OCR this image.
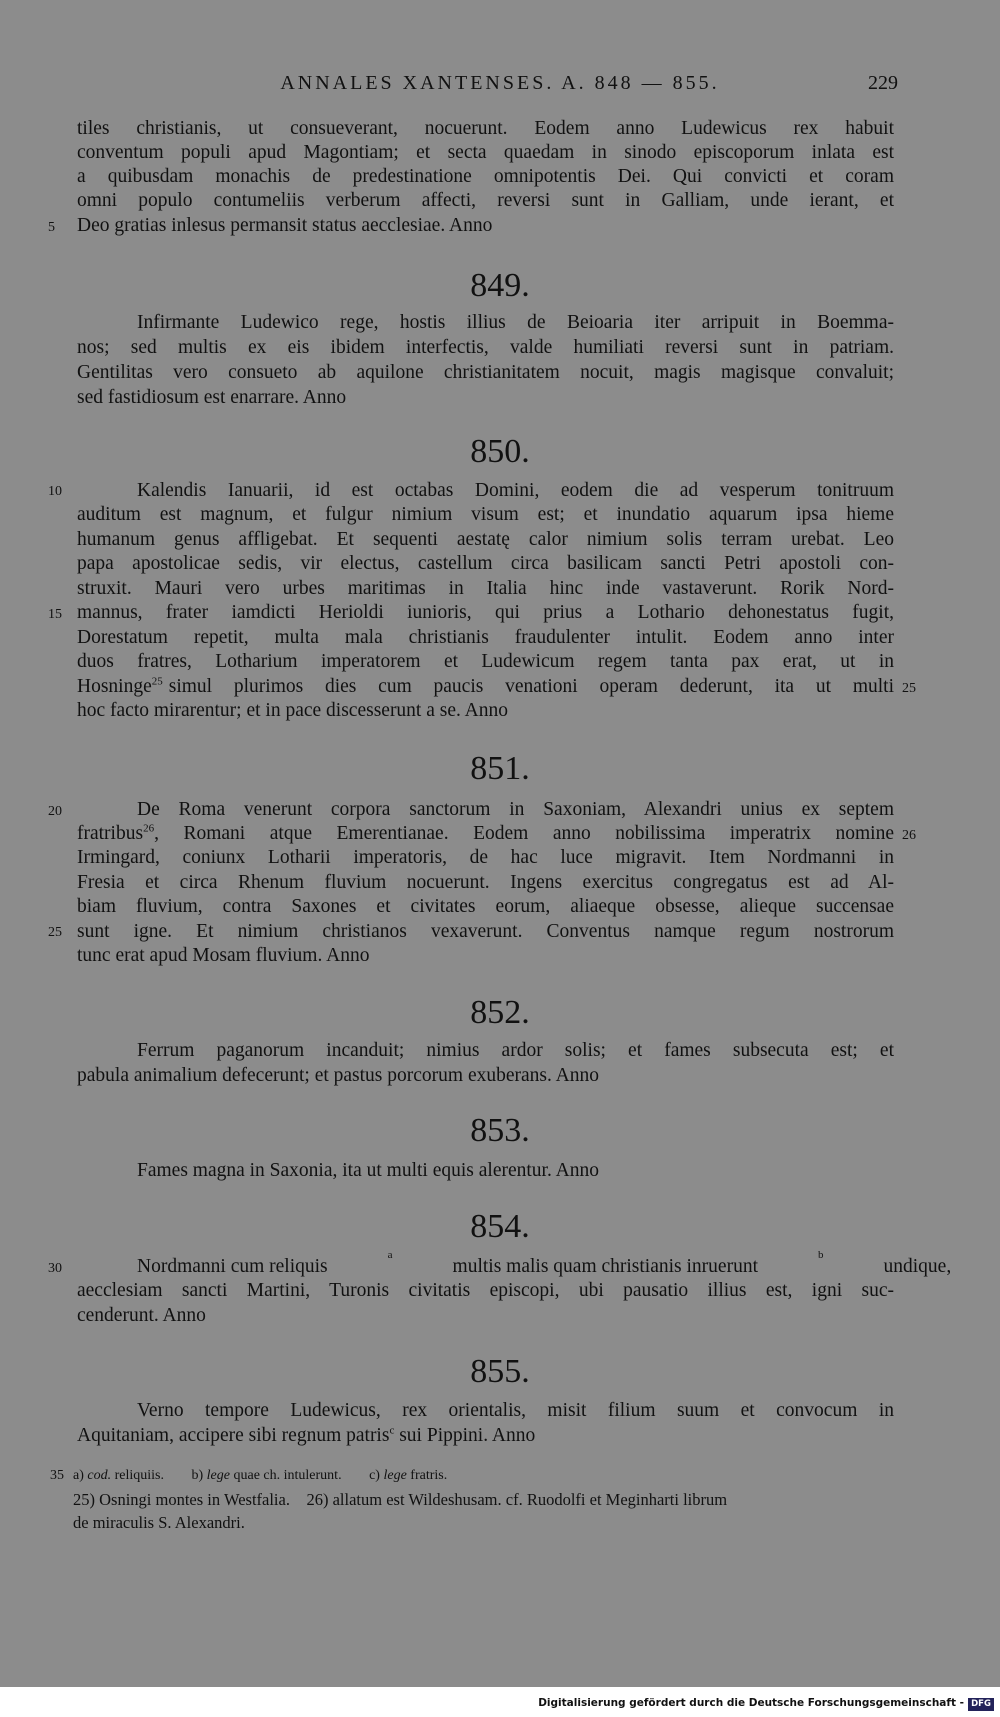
ANNALES XANTENSES. A. 848 — 855.	229
tiles christianis, ut consueverant, nocuerunt. Eodem anno Ludewicus rex habuit
conventum populi apud Magontiam; et secta quaedam in sinodo episcoporum inlata est
a quibusdam monachis de predestinatione omnipotentis Dei. Qui convicti et coram
omni populo contumeliis verberum affecti, reversi sunt in Galliam, unde ierant, et
5	Deo gratias inlesus permansit status aecclesiae. Anno
849.
Infirmante Ludewico rege, hostis illius de Beioaria iter arripuit in Boemma-
nos; sed multis ex eis ibidem interfectis, valde humiliati reversi sunt in patriam.
Gentilitas vero consueto ab aquilone christianitatem nocuit, magis magisque convaluit;
sed fastidiosum est enarrare. Anno
850.
10	Kalendis Ianuarii, id est octabas Domini, eodem die ad vesperum tonitruum
auditum est magnum, et fulgur nimium visum est; et inundatio aquarum ipsa hieme
humanum genus affligebat. Et sequenti aestatę calor nimium solis terram urebat. Leo
papa apostolicae sedis, vir electus, castellum circa basilicam sancti Petri apostoli con-
struxit. Mauri vero urbes maritimas in Italia hinc inde vastaverunt. Rorik Nord-
15 mannus, frater iamdicti Herioldi iunioris, qui prius a Lothario dehonestatus fugit,
Dorestatum repetit, multa mala christianis fraudulenter intulit. Eodem anno inter
duos fratres, Lotharium imperatorem et Ludewicum regem tanta pax erat, ut in
Hosninge$^{25}$ simul plurimos dies cum paucis venationi operam dederunt, ita ut multi 25
hoc facto mirarentur; et in pace discesserunt a se. Anno
851.
20	De Roma venerunt corpora sanctorum in Saxoniam, Alexandri unius ex septem
fratribus$^{26}$ , Romani atque Emerentianae. Eodem anno nobilissima imperatrix nomine 26
Irmingard, coniunx Lotharii imperatoris, de hac luce migravit. Item Nordmanni in
Fresia et circa Rhenum fluvium nocuerunt. Ingens exercitus congregatus est ad Al-
biam fluvium, contra Saxones et civitates eorum, aliaeque obsesse, alieque succensae
25 sunt igne. Et nimium christianos vexaverunt. Conventus namque regum nostrorum
tunc erat apud Mosam fluvium. Anno
852.
Ferrum paganorum incanduit; nimius ardor solis; et fames subsecuta est; et
pabula animalium defecerunt; et pastus porcorum exuberans. Anno
853.
Fames magna in Saxonia, ita ut multi equis alerentur. Anno
854.
30	Nordmanni cum reliquis
a
multis malis quam christianis inruerunt
b
undique,
aecclesiam sancti Martini, Turonis civitatis episcopi, ubi pausatio illius est, igni suc-
cenderunt. Anno
855.
Verno tempore Ludewicus, rex orientalis, misit filium suum et convocum in
Aquitaniam, accipere sibi regnum patris$^c$ sui Pippini. Anno
35 a) cod. reliquiis. b) lege quae ch. intulerunt. c) lege fratris.
25) Osningi montes in Westfalia.    26) allatum est Wildeshusam. cf. Ruodolfi et Meginharti librum
de miraculis S. Alexandri.
Digitalisierung gefördert durch die Deutsche Forschungsgemeinschaft - DFG
